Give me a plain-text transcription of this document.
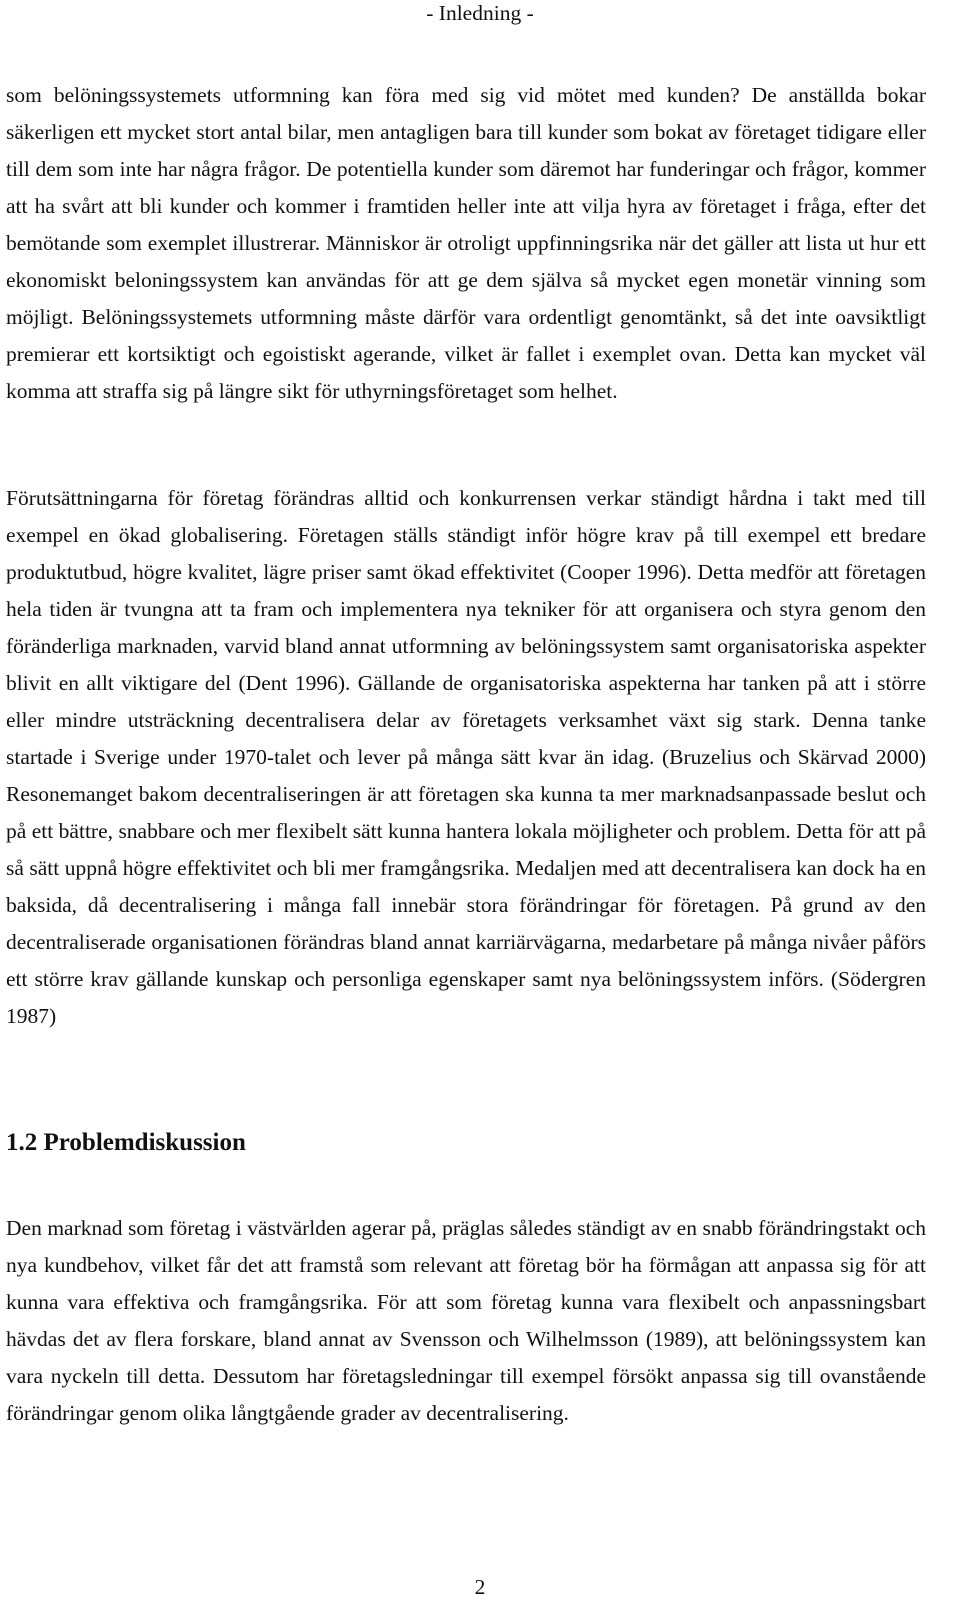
- Inledning -

som belöningssystemets utformning kan föra med sig vid mötet med kunden? De anställda bokar säkerligen ett mycket stort antal bilar, men antagligen bara till kunder som bokat av företaget tidigare eller till dem som inte har några frågor. De potentiella kunder som däremot har funderingar och frågor, kommer att ha svårt att bli kunder och kommer i framtiden heller inte att vilja hyra av företaget i fråga, efter det bemötande som exemplet illustrerar. Människor är otroligt uppfinningsrika när det gäller att lista ut hur ett ekonomiskt beloningssystem kan användas för att ge dem själva så mycket egen monetär vinning som möjligt. Belöningssystemets utformning måste därför vara ordentligt genomtänkt, så det inte oavsiktligt premierar ett kortsiktigt och egoistiskt agerande, vilket är fallet i exemplet ovan. Detta kan mycket väl komma att straffa sig på längre sikt för uthyrningsföretaget som helhet.

Förutsättningarna för företag förändras alltid och konkurrensen verkar ständigt hårdna i takt med till exempel en ökad globalisering. Företagen ställs ständigt inför högre krav på till exempel ett bredare produktutbud, högre kvalitet, lägre priser samt ökad effektivitet (Cooper 1996). Detta medför att företagen hela tiden är tvungna att ta fram och implementera nya tekniker för att organisera och styra genom den föränderliga marknaden, varvid bland annat utformning av belöningssystem samt organisatoriska aspekter blivit en allt viktigare del (Dent 1996). Gällande de organisatoriska aspekterna har tanken på att i större eller mindre utsträckning decentralisera delar av företagets verksamhet växt sig stark. Denna tanke startade i Sverige under 1970-talet och lever på många sätt kvar än idag. (Bruzelius och Skärvad 2000) Resonemanget bakom decentraliseringen är att företagen ska kunna ta mer marknadsanpassade beslut och på ett bättre, snabbare och mer flexibelt sätt kunna hantera lokala möjligheter och problem. Detta för att på så sätt uppnå högre effektivitet och bli mer framgångsrika. Medaljen med att decentralisera kan dock ha en baksida, då decentralisering i många fall innebär stora förändringar för företagen. På grund av den decentraliserade organisationen förändras bland annat karriärvägarna, medarbetare på många nivåer påförs ett större krav gällande kunskap och personliga egenskaper samt nya belöningssystem införs. (Södergren 1987)

1.2 Problemdiskussion

Den marknad som företag i västvärlden agerar på, präglas således ständigt av en snabb förändringstakt och nya kundbehov, vilket får det att framstå som relevant att företag bör ha förmågan att anpassa sig för att kunna vara effektiva och framgångsrika. För att som företag kunna vara flexibelt och anpassningsbart hävdas det av flera forskare, bland annat av Svensson och Wilhelmsson (1989), att belöningssystem kan vara nyckeln till detta. Dessutom har företagsledningar till exempel försökt anpassa sig till ovanstående förändringar genom olika långtgående grader av decentralisering.

2
